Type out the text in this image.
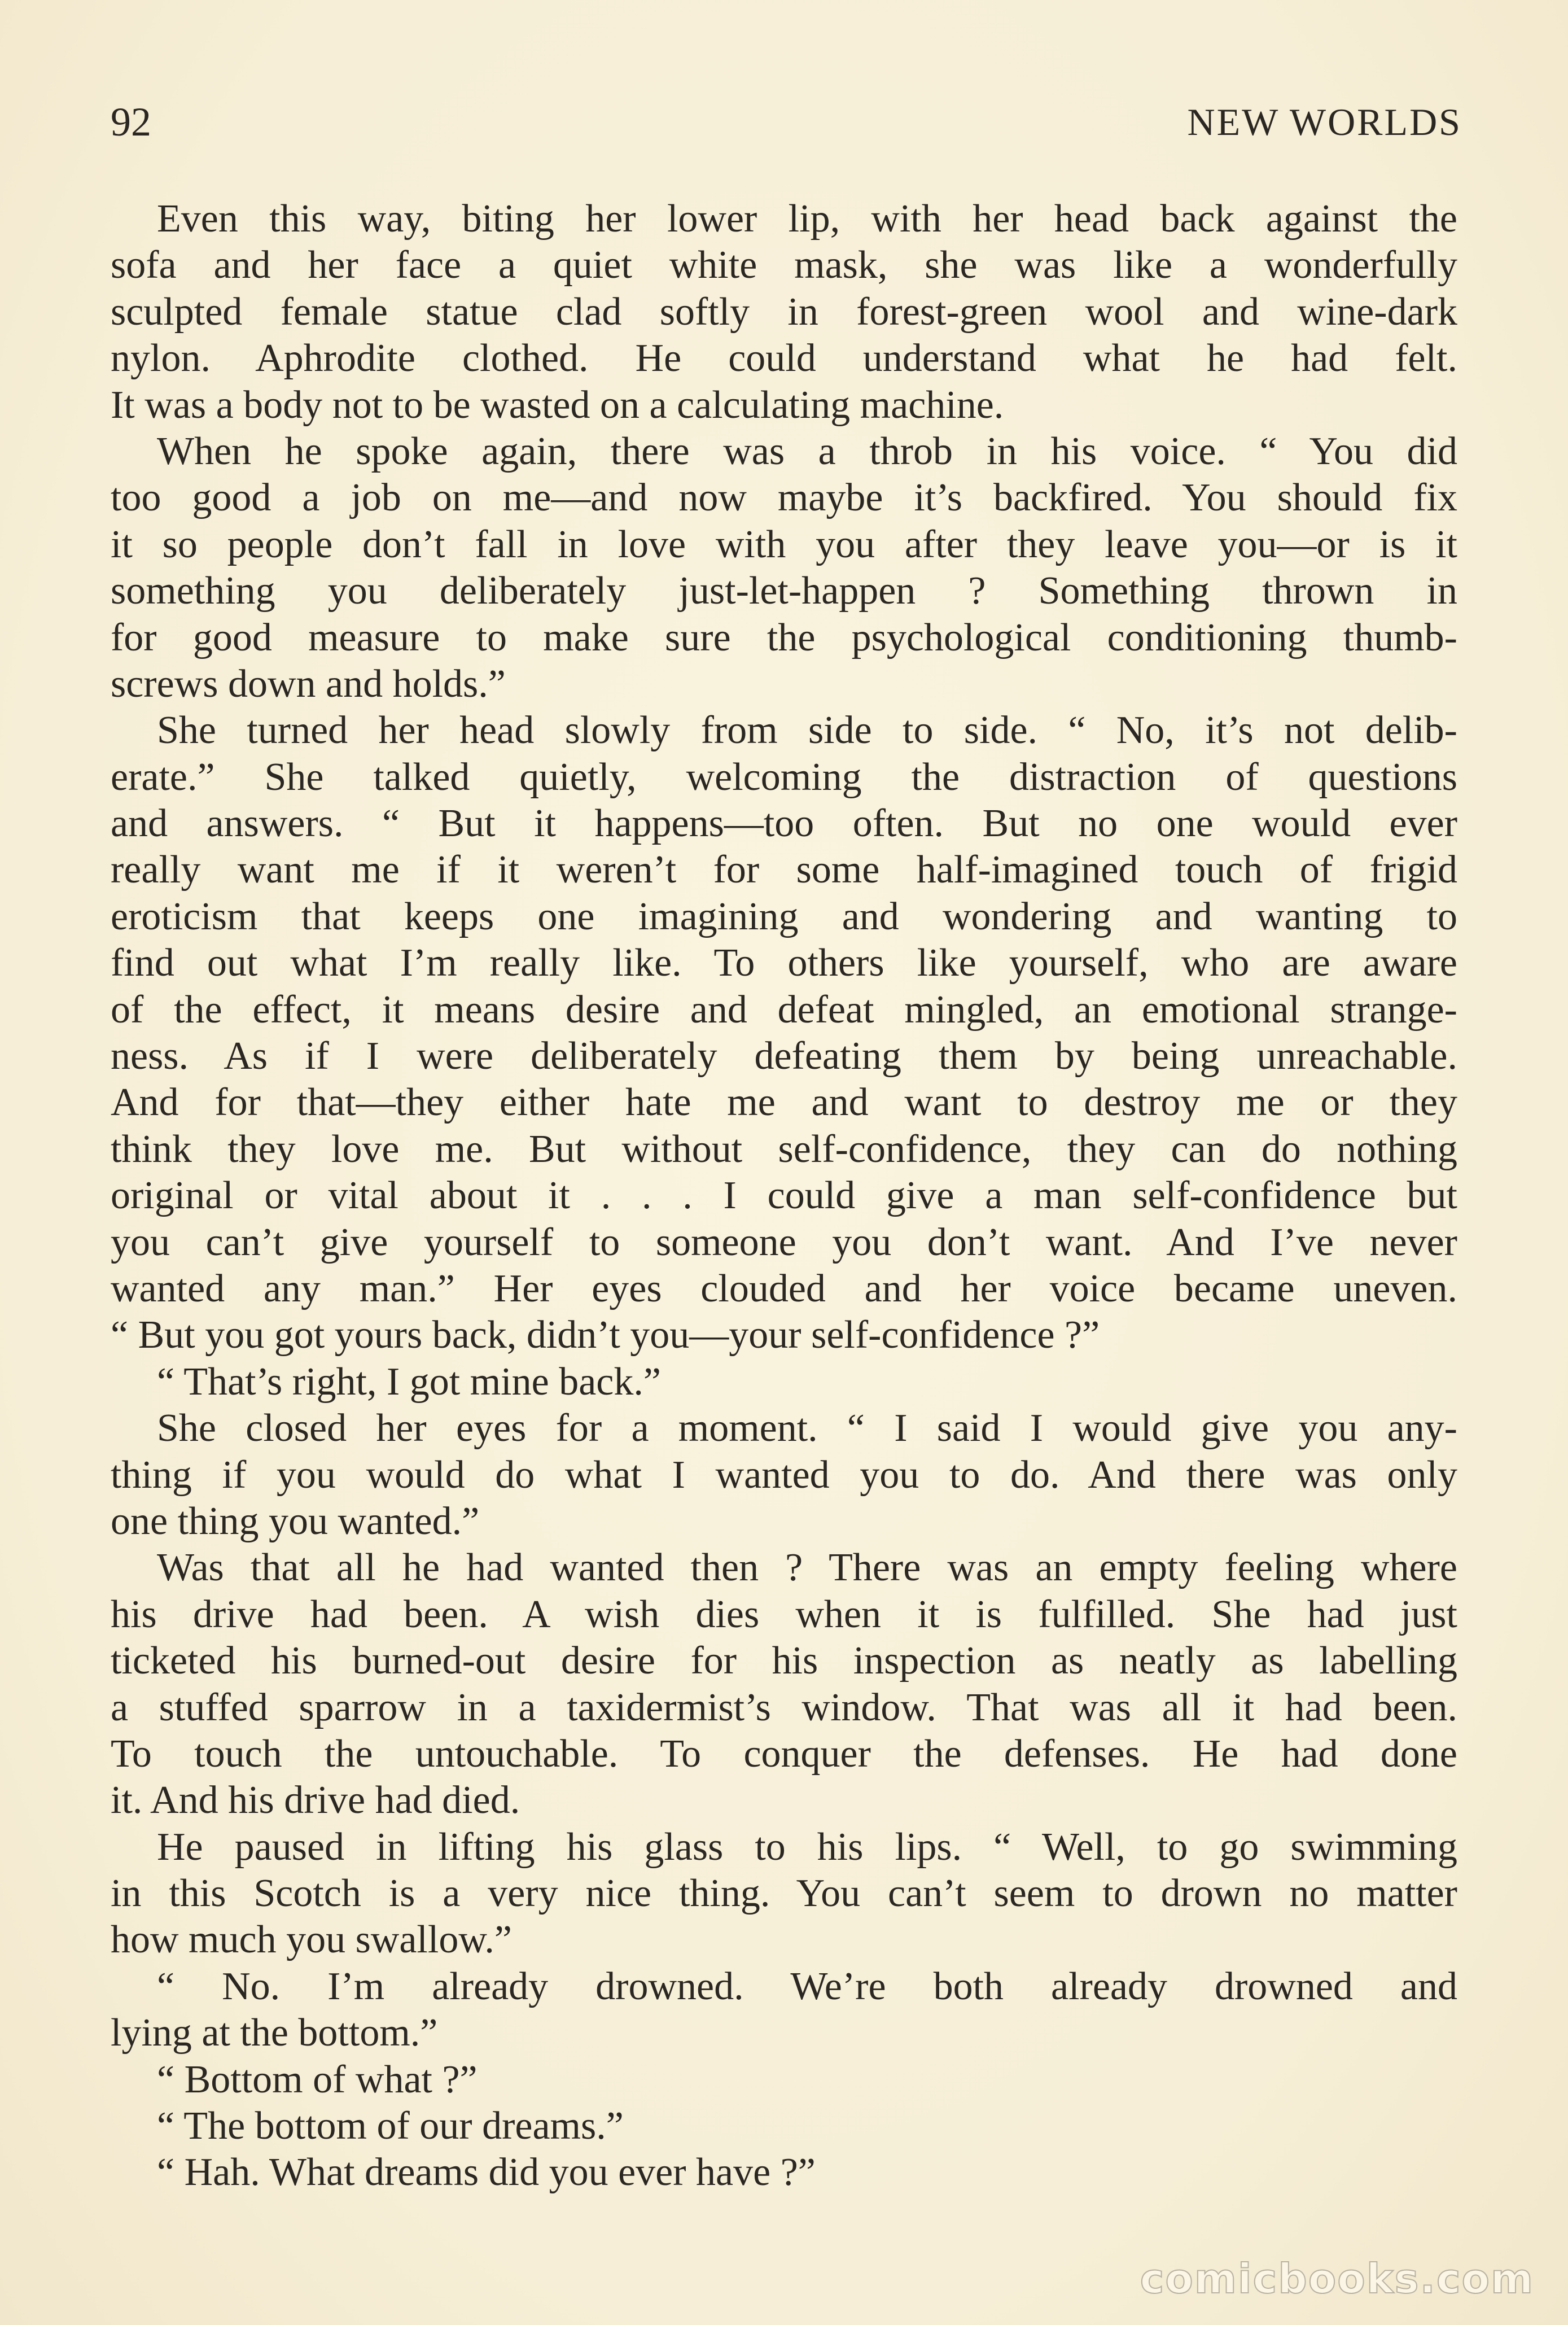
92	NEW WORLDS
Even this way, biting her lower lip, with her head back against the
sofa and her face a quiet white mask, she was like a wonderfully
sculpted female statue clad softly in forest-green wool and wine-dark
nylon. Aphrodite clothed. He could understand what he had felt.
It was a body not to be wasted on a calculating machine.
When he spoke again, there was a throb in his voice. “ You did
too good a job on me—and now maybe it’s backfired. You should fix
it so people don’t fall in love with you after they leave you—or is it
something you deliberately just-let-happen ? Something thrown in
for good measure to make sure the psychological conditioning thumb-
screws down and holds.”
She turned her head slowly from side to side. “ No, it’s not delib-
erate.” She talked quietly, welcoming the distraction of questions
and answers. “ But it happens—too often. But no one would ever
really want me if it weren’t for some half-imagined touch of frigid
eroticism that keeps one imagining and wondering and wanting to
find out what I’m really like. To others like yourself, who are aware
of the effect, it means desire and defeat mingled, an emotional strange-
ness. As if I were deliberately defeating them by being unreachable.
And for that—they either hate me and want to destroy me or they
think they love me. But without self-confidence, they can do nothing
original or vital about it . . . I could give a man self-confidence but
you can’t give yourself to someone you don’t want. And I’ve never
wanted any man.” Her eyes clouded and her voice became uneven.
“ But you got yours back, didn’t you—your self-confidence ?”
“ That’s right, I got mine back.”
She closed her eyes for a moment. “ I said I would give you any-
thing if you would do what I wanted you to do. And there was only
one thing you wanted.”
Was that all he had wanted then ? There was an empty feeling where
his drive had been. A wish dies when it is fulfilled. She had just
ticketed his burned-out desire for his inspection as neatly as labelling
a stuffed sparrow in a taxidermist’s window. That was all it had been.
To touch the untouchable. To conquer the defenses. He had done
it. And his drive had died.
He paused in lifting his glass to his lips. “ Well, to go swimming
in this Scotch is a very nice thing. You can’t seem to drown no matter
how much you swallow.”
“ No. I’m already drowned. We’re both already drowned and
lying at the bottom.”
“ Bottom of what ?”
“ The bottom of our dreams.”
“ Hah. What dreams did you ever have ?”
comicbooks.com
